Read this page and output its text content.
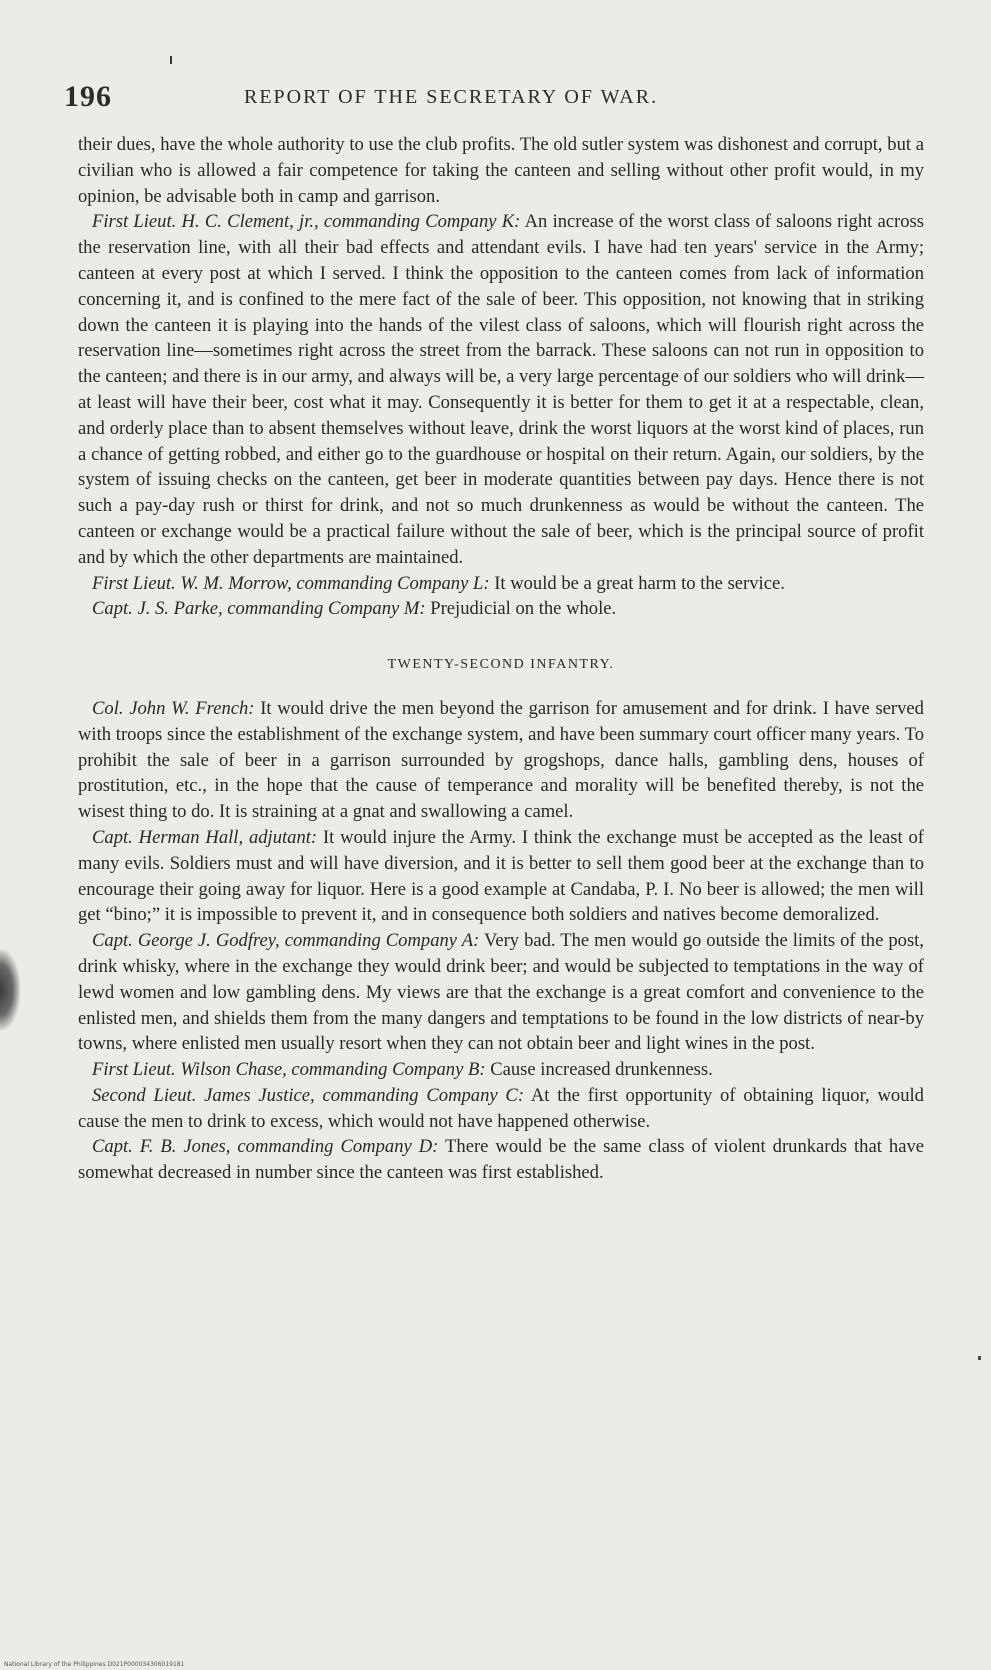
196	REPORT OF THE SECRETARY OF WAR.

their dues, have the whole authority to use the club profits. The old sutler system was dishonest and corrupt, but a civilian who is allowed a fair competence for taking the canteen and selling without other profit would, in my opinion, be advisable both in camp and garrison.

First Lieut. H. C. Clement, jr., commanding Company K: An increase of the worst class of saloons right across the reservation line, with all their bad effects and attendant evils. I have had ten years' service in the Army; canteen at every post at which I served. I think the opposition to the canteen comes from lack of information concerning it, and is confined to the mere fact of the sale of beer. This opposition, not knowing that in striking down the canteen it is playing into the hands of the vilest class of saloons, which will flourish right across the reservation line—sometimes right across the street from the barrack. These saloons can not run in opposition to the canteen; and there is in our army, and always will be, a very large percentage of our soldiers who will drink—at least will have their beer, cost what it may. Consequently it is better for them to get it at a respectable, clean, and orderly place than to absent themselves without leave, drink the worst liquors at the worst kind of places, run a chance of getting robbed, and either go to the guardhouse or hospital on their return. Again, our soldiers, by the system of issuing checks on the canteen, get beer in moderate quantities between pay days. Hence there is not such a pay-day rush or thirst for drink, and not so much drunkenness as would be without the canteen. The canteen or exchange would be a practical failure without the sale of beer, which is the principal source of profit and by which the other departments are maintained.

First Lieut. W. M. Morrow, commanding Company L: It would be a great harm to the service.

Capt. J. S. Parke, commanding Company M: Prejudicial on the whole.

TWENTY-SECOND INFANTRY.

Col. John W. French: It would drive the men beyond the garrison for amusement and for drink. I have served with troops since the establishment of the exchange system, and have been summary court officer many years. To prohibit the sale of beer in a garrison surrounded by grogshops, dance halls, gambling dens, houses of prostitution, etc., in the hope that the cause of temperance and morality will be benefited thereby, is not the wisest thing to do. It is straining at a gnat and swallowing a camel.

Capt. Herman Hall, adjutant: It would injure the Army. I think the exchange must be accepted as the least of many evils. Soldiers must and will have diversion, and it is better to sell them good beer at the exchange than to encourage their going away for liquor. Here is a good example at Candaba, P. I. No beer is allowed; the men will get “bino;” it is impossible to prevent it, and in consequence both soldiers and natives become demoralized.

Capt. George J. Godfrey, commanding Company A: Very bad. The men would go outside the limits of the post, drink whisky, where in the exchange they would drink beer; and would be subjected to temptations in the way of lewd women and low gambling dens. My views are that the exchange is a great comfort and convenience to the enlisted men, and shields them from the many dangers and temptations to be found in the low districts of near-by towns, where enlisted men usually resort when they can not obtain beer and light wines in the post.

First Lieut. Wilson Chase, commanding Company B: Cause increased drunkenness.

Second Lieut. James Justice, commanding Company C: At the first opportunity of obtaining liquor, would cause the men to drink to excess, which would not have happened otherwise.

Capt. F. B. Jones, commanding Company D: There would be the same class of violent drunkards that have somewhat decreased in number since the canteen was first established.

National Library of the Philippines D021P000034306019181
